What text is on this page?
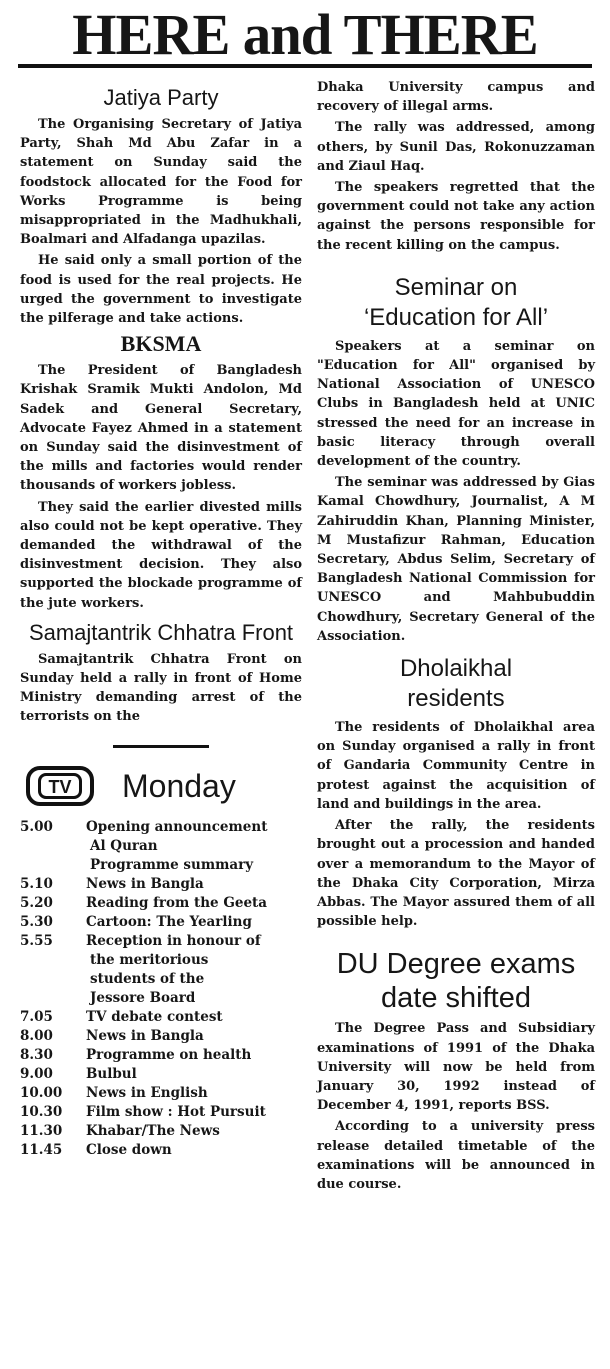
HERE and THERE
Jatiya Party

The Organising Secretary of Jatiya Party, Shah Md Abu Zafar in a statement on Sunday said the foodstock allocated for the Food for Works Programme is being misappropriated in the Madhukhali, Boalmari and Alfadanga upazilas.

He said only a small portion of the food is used for the real projects. He urged the government to investigate the pilferage and take actions.

BKSMA

The President of Bangladesh Krishak Sramik Mukti Andolon, Md Sadek and General Secretary, Advocate Fayez Ahmed in a statement on Sunday said the disinvestment of the mills and factories would render thousands of workers jobless.

They said the earlier divested mills also could not be kept operative. They demanded the withdrawal of the disinvestment decision. They also supported the blockade programme of the jute workers.

Samajtantrik Chhatra Front

Samajtantrik Chhatra Front on Sunday held a rally in front of Home Ministry demanding arrest of the terrorists on the

TV	Monday
5.00	Opening announcement
Al Quran
Programme summary
5.10	News in Bangla
5.20	Reading from the Geeta
5.30	Cartoon: The Yearling
5.55	Reception in honour of
the meritorious
students of the
Jessore Board
7.05	TV debate contest
8.00	News in Bangla
8.30	Programme on health
9.00	Bulbul
10.00	News in English
10.30	Film show : Hot Pursuit
11.30	Khabar/The News
11.45	Close down

Dhaka University campus and recovery of illegal arms.

The rally was addressed, among others, by Sunil Das, Rokonuzzaman and Ziaul Haq.

The speakers regretted that the government could not take any action against the persons responsible for the recent killing on the campus.

Seminar on
‘Education for All’

Speakers at a seminar on "Education for All" organised by National Association of UNESCO Clubs in Bangladesh held at UNIC stressed the need for an increase in basic literacy through overall development of the country.

The seminar was addressed by Gias Kamal Chowdhury, Journalist, A M Zahiruddin Khan, Planning Minister, M Mustafizur Rahman, Education Secretary, Abdus Selim, Secretary of Bangladesh National Commission for UNESCO and Mahbubuddin Chowdhury, Secretary General of the Association.

Dholaikhal
residents

The residents of Dholaikhal area on Sunday organised a rally in front of Gandaria Community Centre in protest against the acquisition of land and buildings in the area.

After the rally, the residents brought out a procession and handed over a memorandum to the Mayor of the Dhaka City Corporation, Mirza Abbas. The Mayor assured them of all possible help.

DU Degree exams
date shifted

The Degree Pass and Subsidiary examinations of 1991 of the Dhaka University will now be held from January 30, 1992 instead of December 4, 1991, reports BSS.

According to a university press release detailed timetable of the examinations will be announced in due course.
